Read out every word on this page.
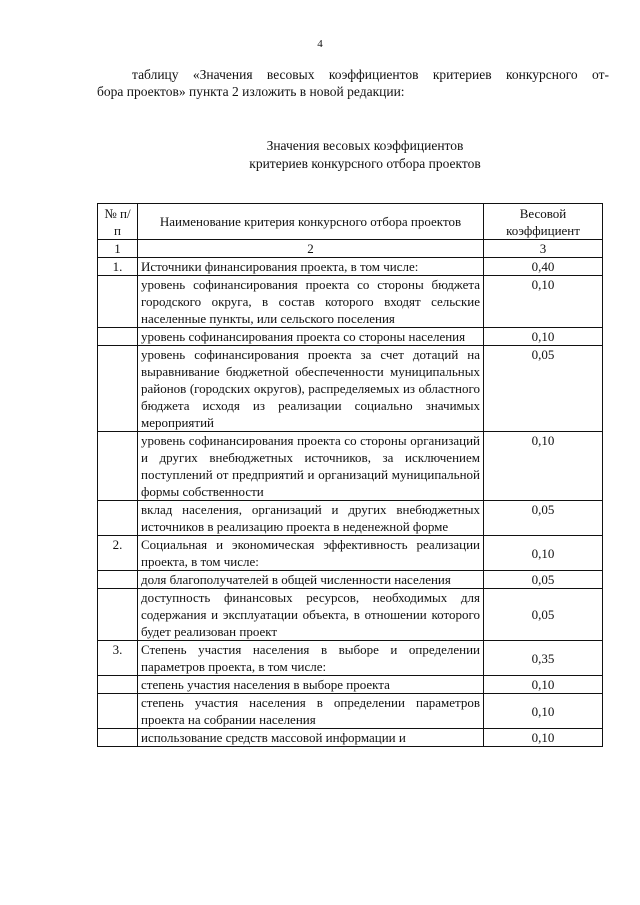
4
таблицу «Значения весовых коэффициентов критериев конкурсного от-
бора проектов» пункта 2 изложить в новой редакции:
Значения весовых коэффициентов
критериев конкурсного отбора проектов
№ п/п	Наименование критерия конкурсного отбора проектов	Весовой коэффициент
1	2	3
1.	Источники финансирования проекта, в том числе:	0,40
	уровень софинансирования проекта со стороны бюджета городского округа, в состав которого входят сельские населенные пункты, или сельского поселения	0,10
	уровень софинансирования проекта со стороны населения	0,10
	уровень софинансирования проекта за счет дотаций на выравнивание бюджетной обеспеченности муниципальных районов (городских округов), распределяемых из областного бюджета исходя из реализации социально значимых мероприятий	0,05
	уровень софинансирования проекта со стороны организаций и других внебюджетных источников, за исключением поступлений от предприятий и организаций муниципальной формы собственности	0,10
	вклад населения, организаций и других внебюджетных источников в реализацию проекта в неденежной форме	0,05
2.	Социальная и экономическая эффективность реализации проекта, в том числе:	0,10
	доля благополучателей в общей численности населения	0,05
	доступность финансовых ресурсов, необходимых для содержания и эксплуатации объекта, в отношении которого будет реализован проект	0,05
3.	Степень участия населения в выборе и определении параметров проекта, в том числе:	0,35
	степень участия населения в выборе проекта	0,10
	степень участия населения в определении параметров проекта на собрании населения	0,10
	использование средств массовой информации и	0,10
